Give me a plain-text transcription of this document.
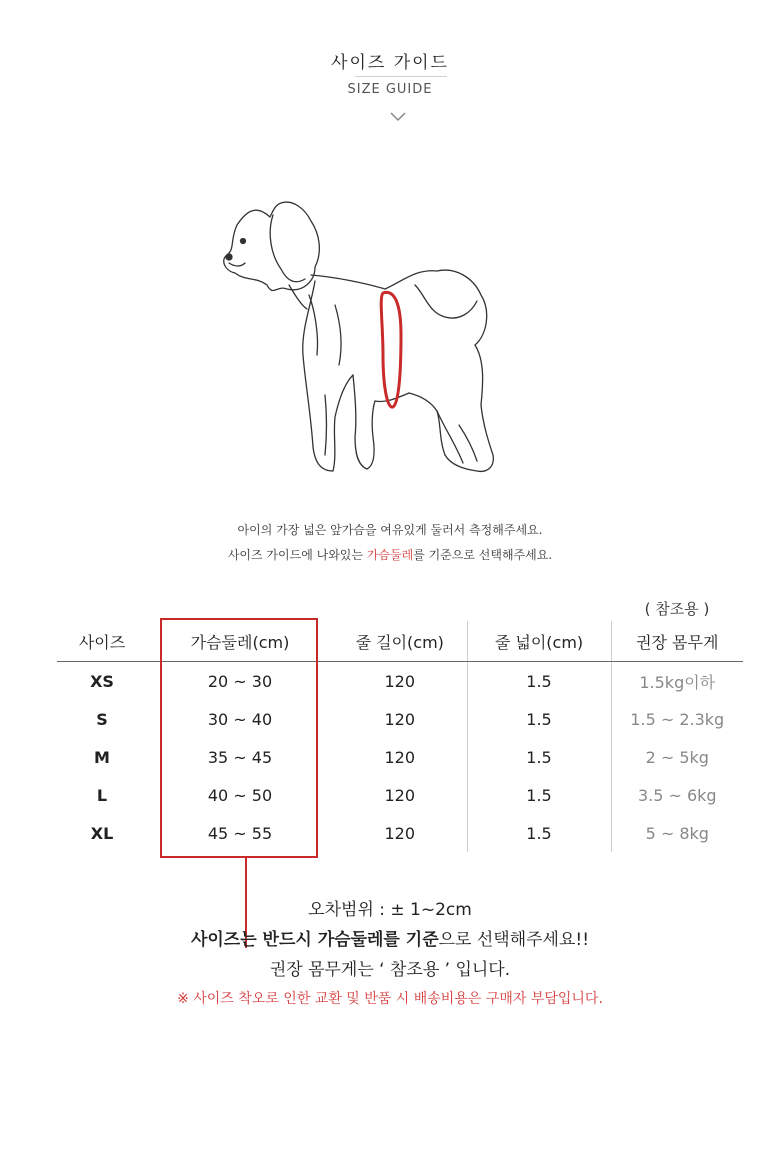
사이즈 가이드
SIZE GUIDE
아이의 가장 넓은 앞가슴을 여유있게 둘러서 측정해주세요.
사이즈 가이드에 나와있는 가슴둘레를 기준으로 선택해주세요.
				( 참조용 )
사이즈	가슴둘레(cm)	줄 길이(cm)	줄 넓이(cm)	권장 몸무게
XS	20 ~ 30	120	1.5	1.5kg이하
S	30 ~ 40	120	1.5	1.5 ~ 2.3kg
M	35 ~ 45	120	1.5	2 ~ 5kg
L	40 ~ 50	120	1.5	3.5 ~ 6kg
XL	45 ~ 55	120	1.5	5 ~ 8kg
오차범위 : ± 1~2cm
사이즈는 반드시 가슴둘레를 기준으로 선택해주세요!!
권장 몸무게는 ‘ 참조용 ’ 입니다.
※ 사이즈 착오로 인한 교환 및 반품 시 배송비용은 구매자 부담입니다.
